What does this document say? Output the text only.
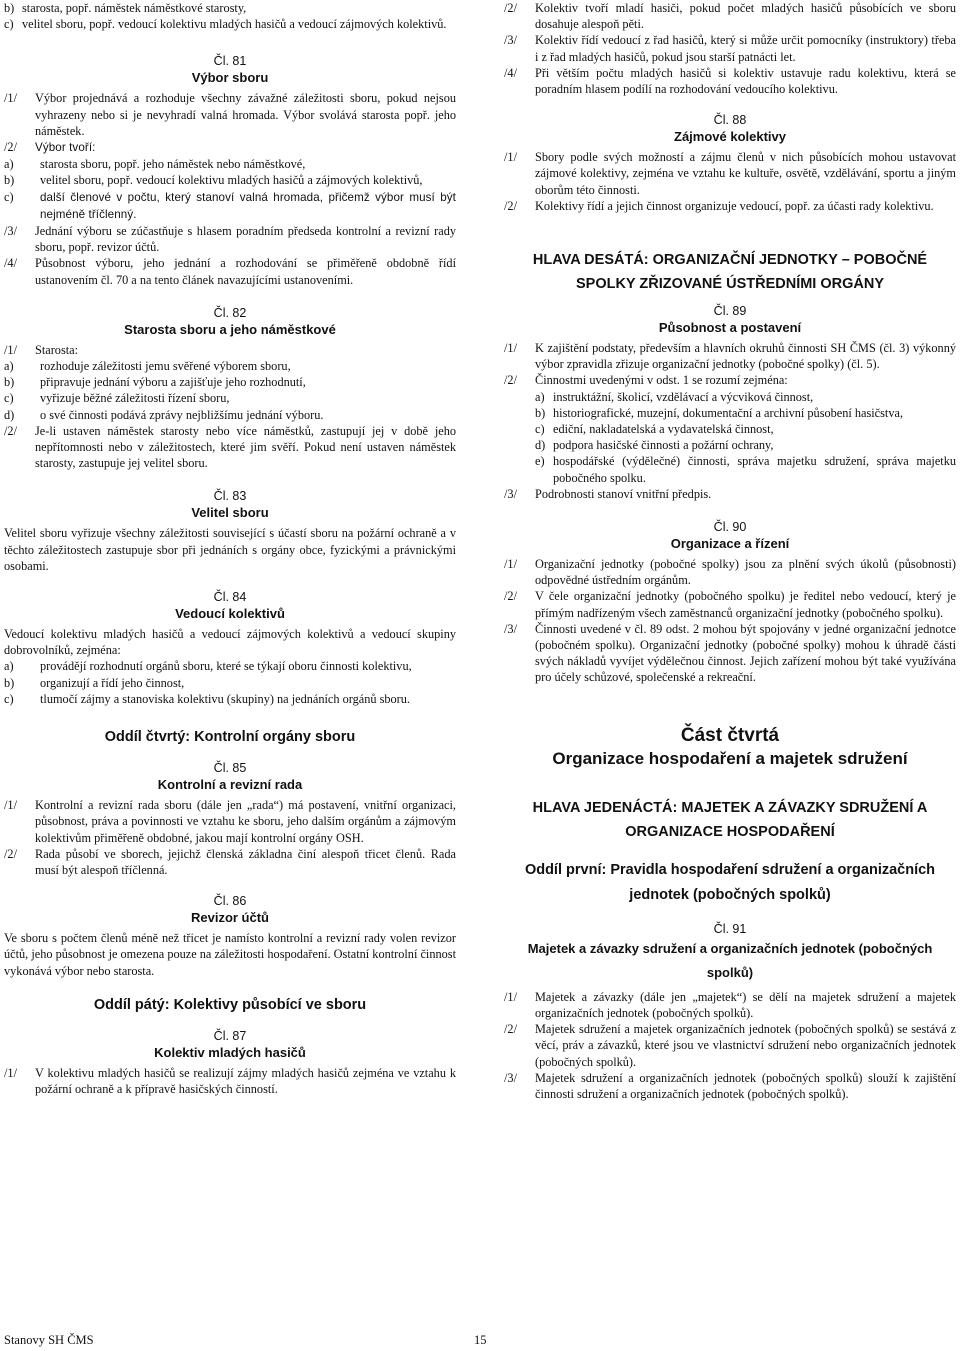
b) starosta, popř. náměstek náměstkové starosty,

c) velitel sboru, popř. vedoucí kolektivu mladých hasičů a vedoucí zájmových kolektivů.

Čl. 81

Výbor sboru

/1/ Výbor projednává a rozhoduje všechny závažné záležitosti sboru, pokud nejsou vyhrazeny nebo si je nevyhradí valná hromada. Výbor svolává starosta popř. jeho náměstek.

/2/ Výbor tvoří:

a) starosta sboru, popř. jeho náměstek nebo náměstkové,

b) velitel sboru, popř. vedoucí kolektivu mladých hasičů a zájmových kolektivů,

c) další členové v počtu, který stanoví valná hromada, přičemž výbor musí být nejméně tříčlenný.

/3/ Jednání výboru se zúčastňuje s hlasem poradním předseda kontrolní a revizní rady sboru, popř. revizor účtů.

/4/ Působnost výboru, jeho jednání a rozhodování se přiměřeně obdobně řídí ustanovením čl. 70 a na tento článek navazujícími ustanoveními.

Čl. 82

Starosta sboru a jeho náměstkové

/1/ Starosta:

a) rozhoduje záležitosti jemu svěřené výborem sboru,

b) připravuje jednání výboru a zajišťuje jeho rozhodnutí,

c) vyřizuje běžné záležitosti řízení sboru,

d) o své činnosti podává zprávy nejbližšímu jednání výboru.

/2/ Je-li ustaven náměstek starosty nebo více náměstků, zastupují jej v době jeho nepřítomnosti nebo v záležitostech, které jim svěří. Pokud není ustaven náměstek starosty, zastupuje jej velitel sboru.

Čl. 83

Velitel sboru

Velitel sboru vyřizuje všechny záležitosti související s účastí sboru na požární ochraně a v těchto záležitostech zastupuje sbor při jednáních s orgány obce, fyzickými a právnickými osobami.

Čl. 84

Vedoucí kolektivů

Vedoucí kolektivu mladých hasičů a vedoucí zájmových kolektivů a vedoucí skupiny dobrovolníků, zejména:

a) provádějí rozhodnutí orgánů sboru, které se týkají oboru činnosti kolektivu,

b) organizují a řídí jeho činnost,

c) tlumočí zájmy a stanoviska kolektivu (skupiny) na jednáních orgánů sboru.

Oddíl čtvrtý: Kontrolní orgány sboru

Čl. 85

Kontrolní a revizní rada

/1/ Kontrolní a revizní rada sboru (dále jen „rada“) má postavení, vnitřní organizaci, působnost, práva a povinnosti ve vztahu ke sboru, jeho dalším orgánům a zájmovým kolektivům přiměřeně obdobné, jakou mají kontrolní orgány OSH.

/2/ Rada působí ve sborech, jejichž členská základna činí alespoň třicet členů. Rada musí být alespoň tříčlenná.

Čl. 86

Revizor účtů

Ve sboru s počtem členů méně než třicet je namísto kontrolní a revizní rady volen revizor účtů, jeho působnost je omezena pouze na záležitosti hospodaření. Ostatní kontrolní činnost vykonává výbor nebo starosta.

Oddíl pátý: Kolektivy působící ve sboru

Čl. 87

Kolektiv mladých hasičů

/1/ V kolektivu mladých hasičů se realizují zájmy mladých hasičů zejména ve vztahu k požární ochraně a k přípravě hasičských činností.

/2/ Kolektiv tvoří mladí hasiči, pokud počet mladých hasičů působících ve sboru dosahuje alespoň pěti.

/3/ Kolektiv řídí vedoucí z řad hasičů, který si může určit pomocníky (instruktory) třeba i z řad mladých hasičů, pokud jsou starší patnácti let.

/4/ Při větším počtu mladých hasičů si kolektiv ustavuje radu kolektivu, která se poradním hlasem podílí na rozhodování vedoucího kolektivu.

Čl. 88

Zájmové kolektivy

/1/ Sbory podle svých možností a zájmu členů v nich působících mohou ustavovat zájmové kolektivy, zejména ve vztahu ke kultuře, osvětě, vzdělávání, sportu a jiným oborům této činnosti.

/2/ Kolektivy řídí a jejich činnost organizuje vedoucí, popř. za účasti rady kolektivu.

HLAVA DESÁTÁ: ORGANIZAČNÍ JEDNOTKY – POBOČNÉ SPOLKY ZŘIZOVANÉ ÚSTŘEDNÍMI ORGÁNY

Čl. 89

Působnost a postavení

/1/ K zajištění podstaty, především a hlavních okruhů činnosti SH ČMS (čl. 3) výkonný výbor zpravidla zřizuje organizační jednotky (pobočné spolky) (čl. 5).

/2/ Činnostmi uvedenými v odst. 1 se rozumí zejména:

a) instruktážní, školicí, vzdělávací a výcviková činnost,

b) historiografické, muzejní, dokumentační a archivní působení hasičstva,

c) ediční, nakladatelská a vydavatelská činnost,

d) podpora hasičské činnosti a požární ochrany,

e) hospodářské (výdělečné) činnosti, správa majetku sdružení, správa majetku pobočného spolku.

/3/ Podrobnosti stanoví vnitřní předpis.

Čl. 90

Organizace a řízení

/1/ Organizační jednotky (pobočné spolky) jsou za plnění svých úkolů (působnosti) odpovědné ústředním orgánům.

/2/ V čele organizační jednotky (pobočného spolku) je ředitel nebo vedoucí, který je přímým nadřízeným všech zaměstnanců organizační jednotky (pobočného spolku).

/3/ Činnosti uvedené v čl. 89 odst. 2 mohou být spojovány v jedné organizační jednotce (pobočném spolku). Organizační jednotky (pobočné spolky) mohou k úhradě části svých nákladů vyvíjet výdělečnou činnost. Jejich zařízení mohou být také využívána pro účely schůzové, společenské a rekreační.

Část čtvrtá

Organizace hospodaření a majetek sdružení

HLAVA JEDENÁCTÁ: MAJETEK A ZÁVAZKY SDRUŽENÍ A ORGANIZACE HOSPODAŘENÍ

Oddíl první: Pravidla hospodaření sdružení a organizačních jednotek (pobočných spolků)

Čl. 91

Majetek a závazky sdružení a organizačních jednotek (pobočných spolků)

/1/ Majetek a závazky (dále jen „majetek“) se dělí na majetek sdružení a majetek organizačních jednotek (pobočných spolků).

/2/ Majetek sdružení a majetek organizačních jednotek (pobočných spolků) se sestává z věcí, práv a závazků, které jsou ve vlastnictví sdružení nebo organizačních jednotek (pobočných spolků).

/3/ Majetek sdružení a organizačních jednotek (pobočných spolků) slouží k zajištění činnosti sdružení a organizačních jednotek (pobočných spolků).

Stanovy SH ČMS	15
